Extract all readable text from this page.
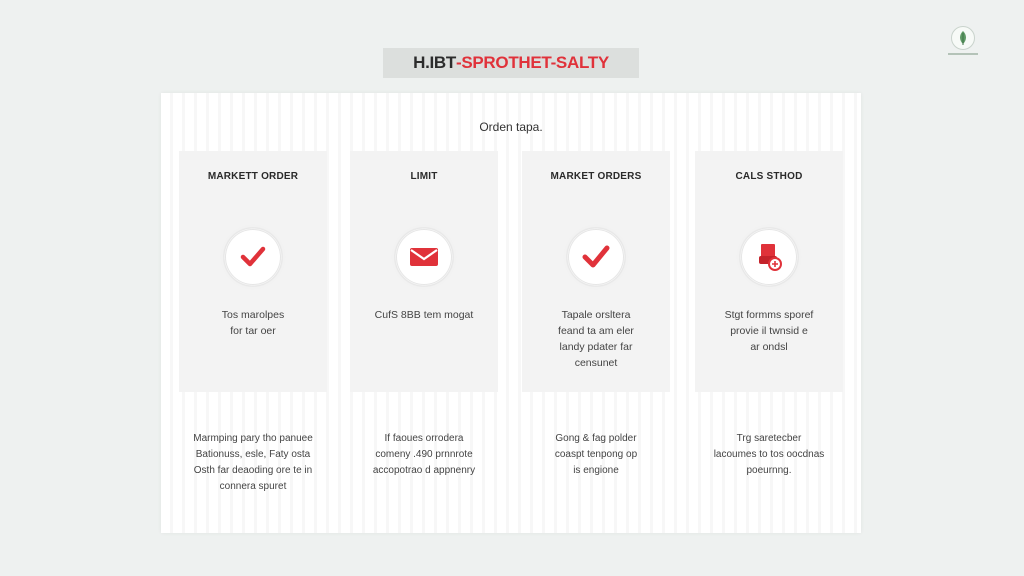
H.IBT -SPROTHET-SALTY
Orden tapa.
MARKETT ORDER
Tos marolpes
for tar oer
LIMIT
CufS 8BB tem mogat
MARKET ORDERS
Tapale orsltera
feand ta am eler
landy pdater far
censunet
CALS STHOD
Stgt formms sporef
provie il twnsid e
ar ondsl
Marmping pary tho panuee
Bationuss, esle, Faty osta
Osth far deaoding ore te in
connera spuret
If faoues orrodera
comeny .490 prnnrote
accopotrao d appnenry
Gong & fag polder
coaspt tenpong op
is engione
Trg saretecber
lacoumes to tos oocdnas
poeurnng.
